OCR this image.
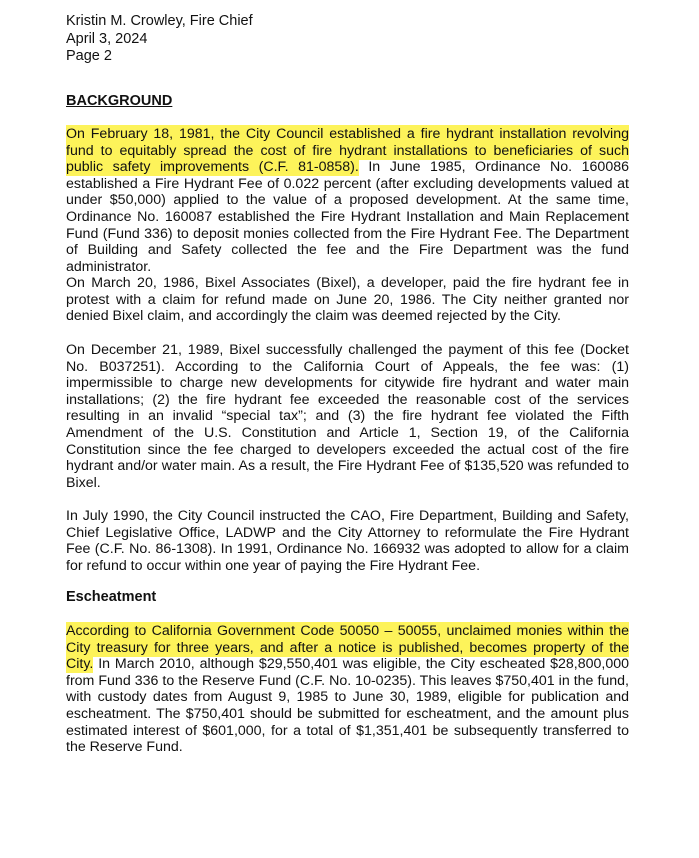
Kristin M. Crowley, Fire Chief
April 3, 2024
Page 2
BACKGROUND
On February 18, 1981, the City Council established a fire hydrant installation revolving fund to equitably spread the cost of fire hydrant installations to beneficiaries of such public safety improvements (C.F. 81-0858). In June 1985, Ordinance No. 160086 established a Fire Hydrant Fee of 0.022 percent (after excluding developments valued at under $50,000) applied to the value of a proposed development. At the same time, Ordinance No. 160087 established the Fire Hydrant Installation and Main Replacement Fund (Fund 336) to deposit monies collected from the Fire Hydrant Fee. The Department of Building and Safety collected the fee and the Fire Department was the fund administrator.
On March 20, 1986, Bixel Associates (Bixel), a developer, paid the fire hydrant fee in protest with a claim for refund made on June 20, 1986. The City neither granted nor denied Bixel claim, and accordingly the claim was deemed rejected by the City.
On December 21, 1989, Bixel successfully challenged the payment of this fee (Docket No. B037251). According to the California Court of Appeals, the fee was: (1) impermissible to charge new developments for citywide fire hydrant and water main installations; (2) the fire hydrant fee exceeded the reasonable cost of the services resulting in an invalid “special tax”; and (3) the fire hydrant fee violated the Fifth Amendment of the U.S. Constitution and Article 1, Section 19, of the California Constitution since the fee charged to developers exceeded the actual cost of the fire hydrant and/or water main. As a result, the Fire Hydrant Fee of $135,520 was refunded to Bixel.
In July 1990, the City Council instructed the CAO, Fire Department, Building and Safety, Chief Legislative Office, LADWP and the City Attorney to reformulate the Fire Hydrant Fee (C.F. No. 86-1308). In 1991, Ordinance No. 166932 was adopted to allow for a claim for refund to occur within one year of paying the Fire Hydrant Fee.
Escheatment
According to California Government Code 50050 – 50055, unclaimed monies within the City treasury for three years, and after a notice is published, becomes property of the City. In March 2010, although $29,550,401 was eligible, the City escheated $28,800,000 from Fund 336 to the Reserve Fund (C.F. No. 10-0235). This leaves $750,401 in the fund, with custody dates from August 9, 1985 to June 30, 1989, eligible for publication and escheatment. The $750,401 should be submitted for escheatment, and the amount plus estimated interest of $601,000, for a total of $1,351,401 be subsequently transferred to the Reserve Fund.
